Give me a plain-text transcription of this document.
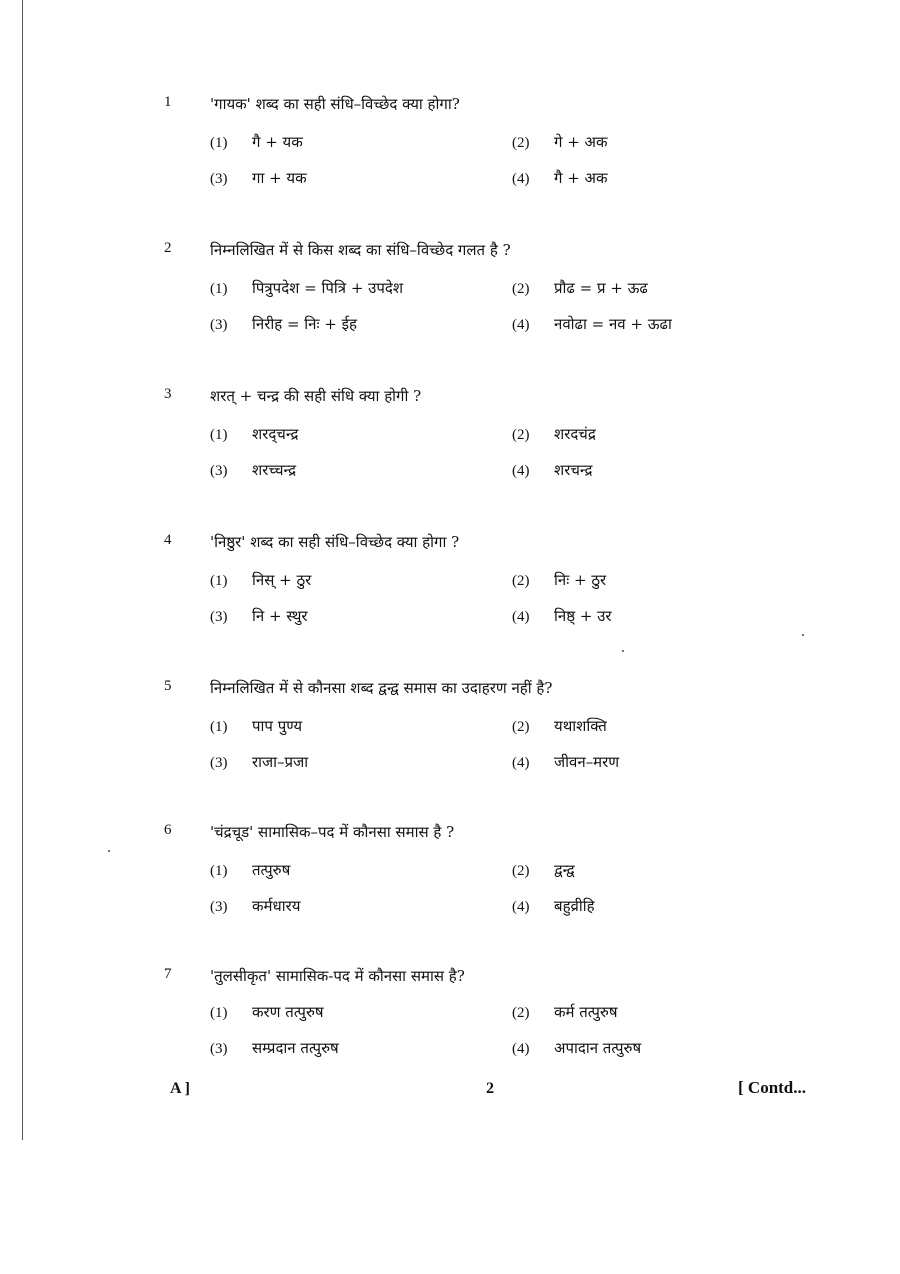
1	'गायक' शब्द का सही संधि–विच्छेद क्या होगा?
(1) गै + यक	(2) गे + अक
(3) गा + यक	(4) गै + अक
2	निम्नलिखित में से किस शब्द का संधि–विच्छेद गलत है ?
(1) पित्रुपदेश = पित्रि + उपदेश	(2) प्रौढ = प्र + ऊढ
(3) निरीह = निः + ईह	(4) नवोढा = नव + ऊढा
3	शरत् + चन्द्र की सही संधि क्या होगी ?
(1) शरद्चन्द्र	(2) शरदचंद्र
(3) शरच्चन्द्र	(4) शरचन्द्र
4	'निष्ठुर' शब्द का सही संधि–विच्छेद क्या होगा ?
(1) निस् + ठुर	(2) निः + ठुर
(3) नि + स्थुर	(4) निष्ठ् + उर
5	निम्नलिखित में से कौनसा शब्द द्वन्द्व समास का उदाहरण नहीं है?
(1) पाप पुण्य	(2) यथाशक्ति
(3) राजा–प्रजा	(4) जीवन–मरण
6	'चंद्रचूड' सामासिक–पद में कौनसा समास है ?
(1) तत्पुरुष	(2) द्वन्द्व
(3) कर्मधारय	(4) बहुव्रीहि
7	'तुलसीकृत' सामासिक-पद में कौनसा समास है?
(1) करण तत्पुरुष	(2) कर्म तत्पुरुष
(3) सम्प्रदान तत्पुरुष	(4) अपादान तत्पुरुष
A ]	2	[ Contd...
